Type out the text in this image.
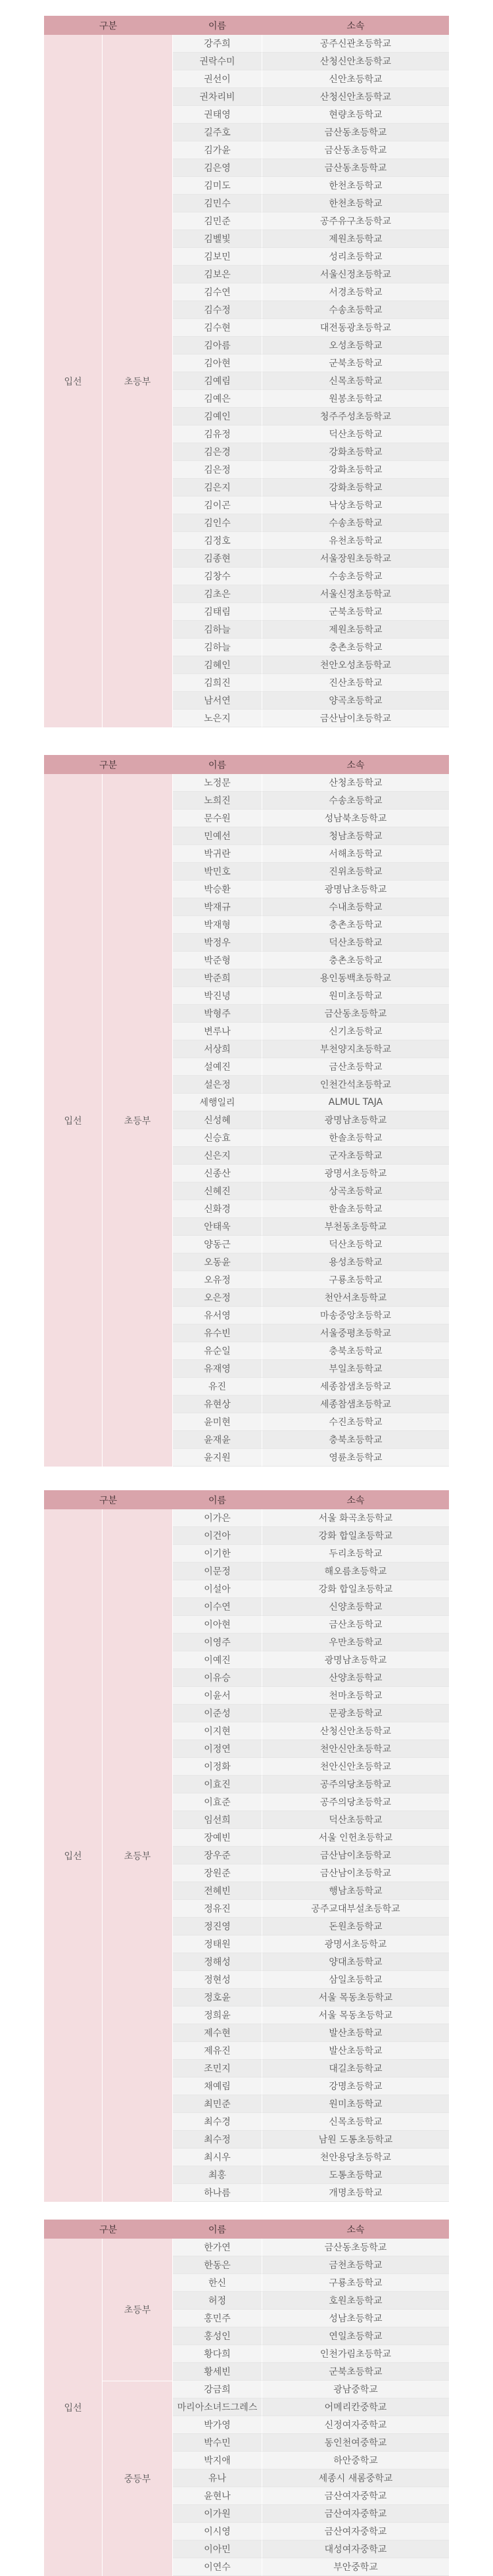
구분	이름	소속
입선	초등부
강주희	공주신관초등학교
권락수미	산청신안초등학교
권선이	신안초등학교
권차리비	산청신안초등학교
권태영	현량초등학교
길주호	금산동초등학교
김가윤	금산동초등학교
김은영	금산동초등학교
김미도	한천초등학교
김민수	한천초등학교
김민준	공주유구초등학교
김벨빛	제원초등학교
김보민	성리초등학교
김보은	서울신정초등학교
김수연	서경초등학교
김수정	수송초등학교
김수현	대전동광초등학교
김아름	오성초등학교
김아현	군북초등학교
김예림	신목초등학교
김예은	원봉초등학교
김예인	청주주성초등학교
김유정	덕산초등학교
김은경	강화초등학교
김은정	강화초등학교
김은지	강화초등학교
김이곤	낙상초등학교
김인수	수송초등학교
김정호	유천초등학교
김종현	서울장원초등학교
김창수	수송초등학교
김초은	서울신정초등학교
김태림	군북초등학교
김하늘	제원초등학교
김하늘	충촌초등학교
김혜인	천안오성초등학교
김희진	진산초등학교
남서연	양곡초등학교
노은지	금산남이초등학교
구분	이름	소속
입선	초등부
노정문	산청초등학교
노희진	수송초등학교
문수원	성남북초등학교
민예선	청남초등학교
박귀란	서해초등학교
박민호	진위초등학교
박승환	광명남초등학교
박재규	수내초등학교
박재형	충촌초등학교
박정우	덕산초등학교
박준형	충촌초등학교
박준희	용인동백초등학교
박진녕	원미초등학교
박형주	금산동초등학교
변루나	신기초등학교
서상희	부천양지초등학교
설예진	금산초등학교
설은정	인천간석초등학교
세행일리	ALMUL TAJA
신성혜	광명남초등학교
신승효	한솔초등학교
신은지	군자초등학교
신종산	광명서초등학교
신혜진	상곡초등학교
신화경	한솔초등학교
안태욱	부천동초등학교
양동근	덕산초등학교
오동윤	용성초등학교
오유정	구룡초등학교
오은정	천안서초등학교
유서영	마송중앙초등학교
유수빈	서울중평초등학교
유순일	충북초등학교
유재영	부일초등학교
유진	세종참샘초등학교
유현상	세종참샘초등학교
윤미현	수진초등학교
윤재윤	충북초등학교
윤지원	영륜초등학교
구분	이름	소속
입선	초등부
이가은	서울 화곡초등학교
이건아	강화 합일초등학교
이기한	두리초등학교
이문정	해오름초등학교
이설아	강화 합일초등학교
이수연	신양초등학교
이아현	금산초등학교
이영주	우만초등학교
이예진	광명남초등학교
이유승	산양초등학교
이윤서	천마초등학교
이준성	문광초등학교
이지현	산청신안초등학교
이정연	천안신안초등학교
이정화	천안신안초등학교
이효진	공주의당초등학교
이효준	공주의당초등학교
임선희	덕산초등학교
장예빈	서울 인헌초등학교
장우준	금산남이초등학교
장원준	금산남이초등학교
전혜빈	행남초등학교
정유진	공주교대부설초등학교
정진영	돈원초등학교
정태원	광명서초등학교
정해성	양대초등학교
정현성	삼일초등학교
정호윤	서울 목동초등학교
정희윤	서울 목동초등학교
제수현	발산초등학교
제유진	발산초등학교
조민지	대길초등학교
채예림	강명초등학교
최민준	원미초등학교
최수경	신목초등학교
최수정	남원 도통초등학교
최시우	천안용당초등학교
최홍	도통초등학교
하나름	개명초등학교
구분	이름	소속
입선
초등부
한가연	금산동초등학교
한동은	금천초등학교
한신	구룡초등학교
허정	호원초등학교
홍민주	성남초등학교
홍성인	연일초등학교
황다희	인천가림초등학교
황세빈	군북초등학교
중등부
강금희	광남중학교
마리아소녀드그레스	어메리칸중학교
박가영	신정여자중학교
박수민	동인천여중학교
박지애	하안중학교
유나	세종시 새롬중학교
윤현나	금산여자중학교
이가원	금산여자중학교
이시영	금산여자중학교
이아민	대성여자중학교
이연수	부안중학교
